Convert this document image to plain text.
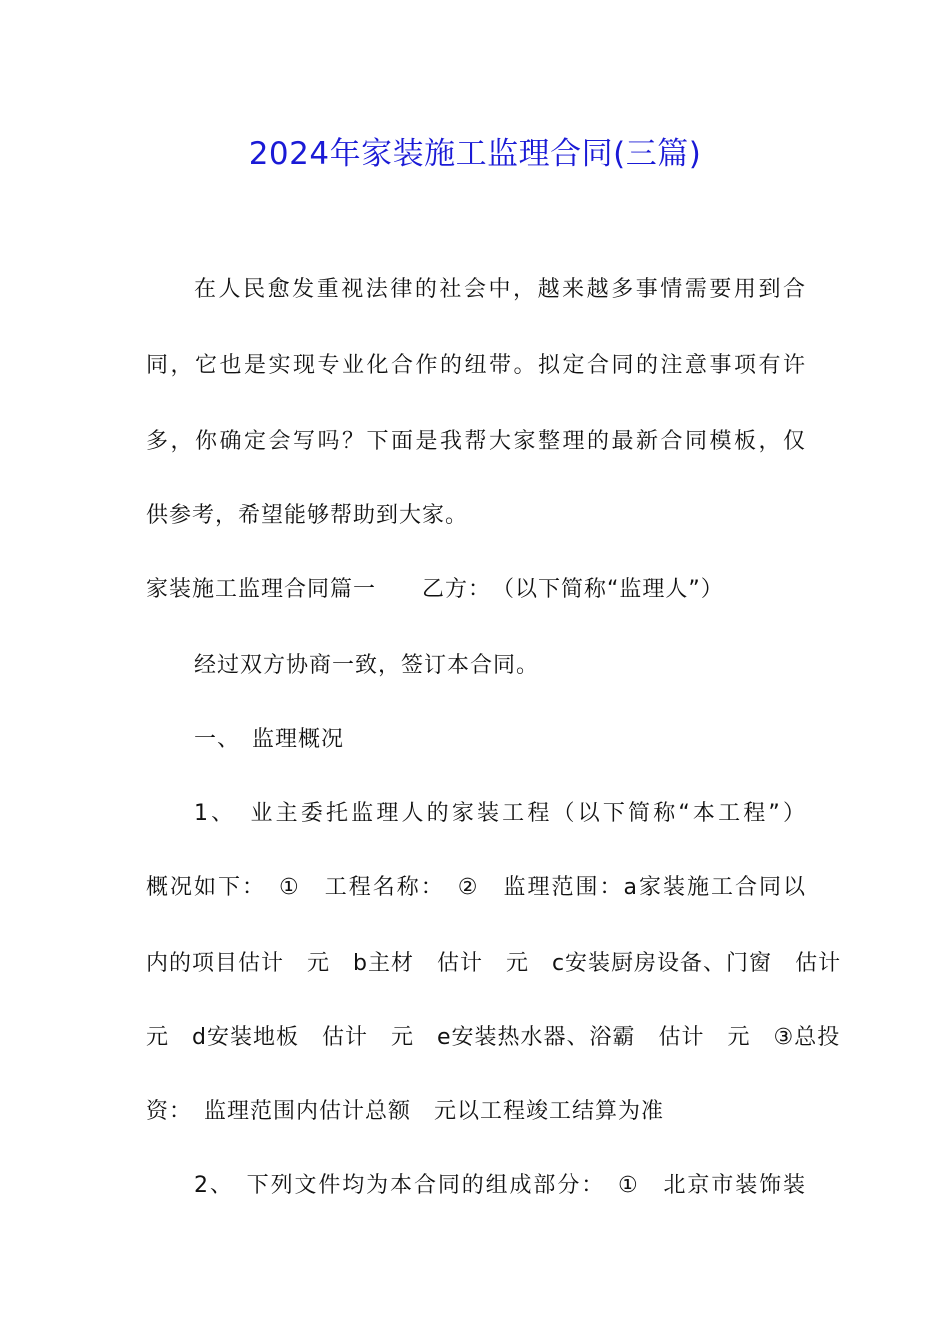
2024年家装施工监理合同(三篇)
在人民愈发重视法律的社会中，越来越多事情需要用到合
同，它也是实现专业化合作的纽带。拟定合同的注意事项有许
多，你确定会写吗？下面是我帮大家整理的最新合同模板，仅
供参考，希望能够帮助到大家。
家装施工监理合同篇一　　乙方：　（以下简称“监理人”）
经过双方协商一致，签订本合同。
一、　监理概况
1、　业主委托监理人的家装工程（以下简称“本工程”）
概况如下：　①　工程名称：　②　监理范围：a家装施工合同以
内的项目估计　元　b主材　估计　元　c安装厨房设备、门窗　估计
元　d安装地板　估计　元　e安装热水器、浴霸　估计　元　③总投
资：　监理范围内估计总额　元以工程竣工结算为准
2、　下列文件均为本合同的组成部分：　①　北京市装饰装
